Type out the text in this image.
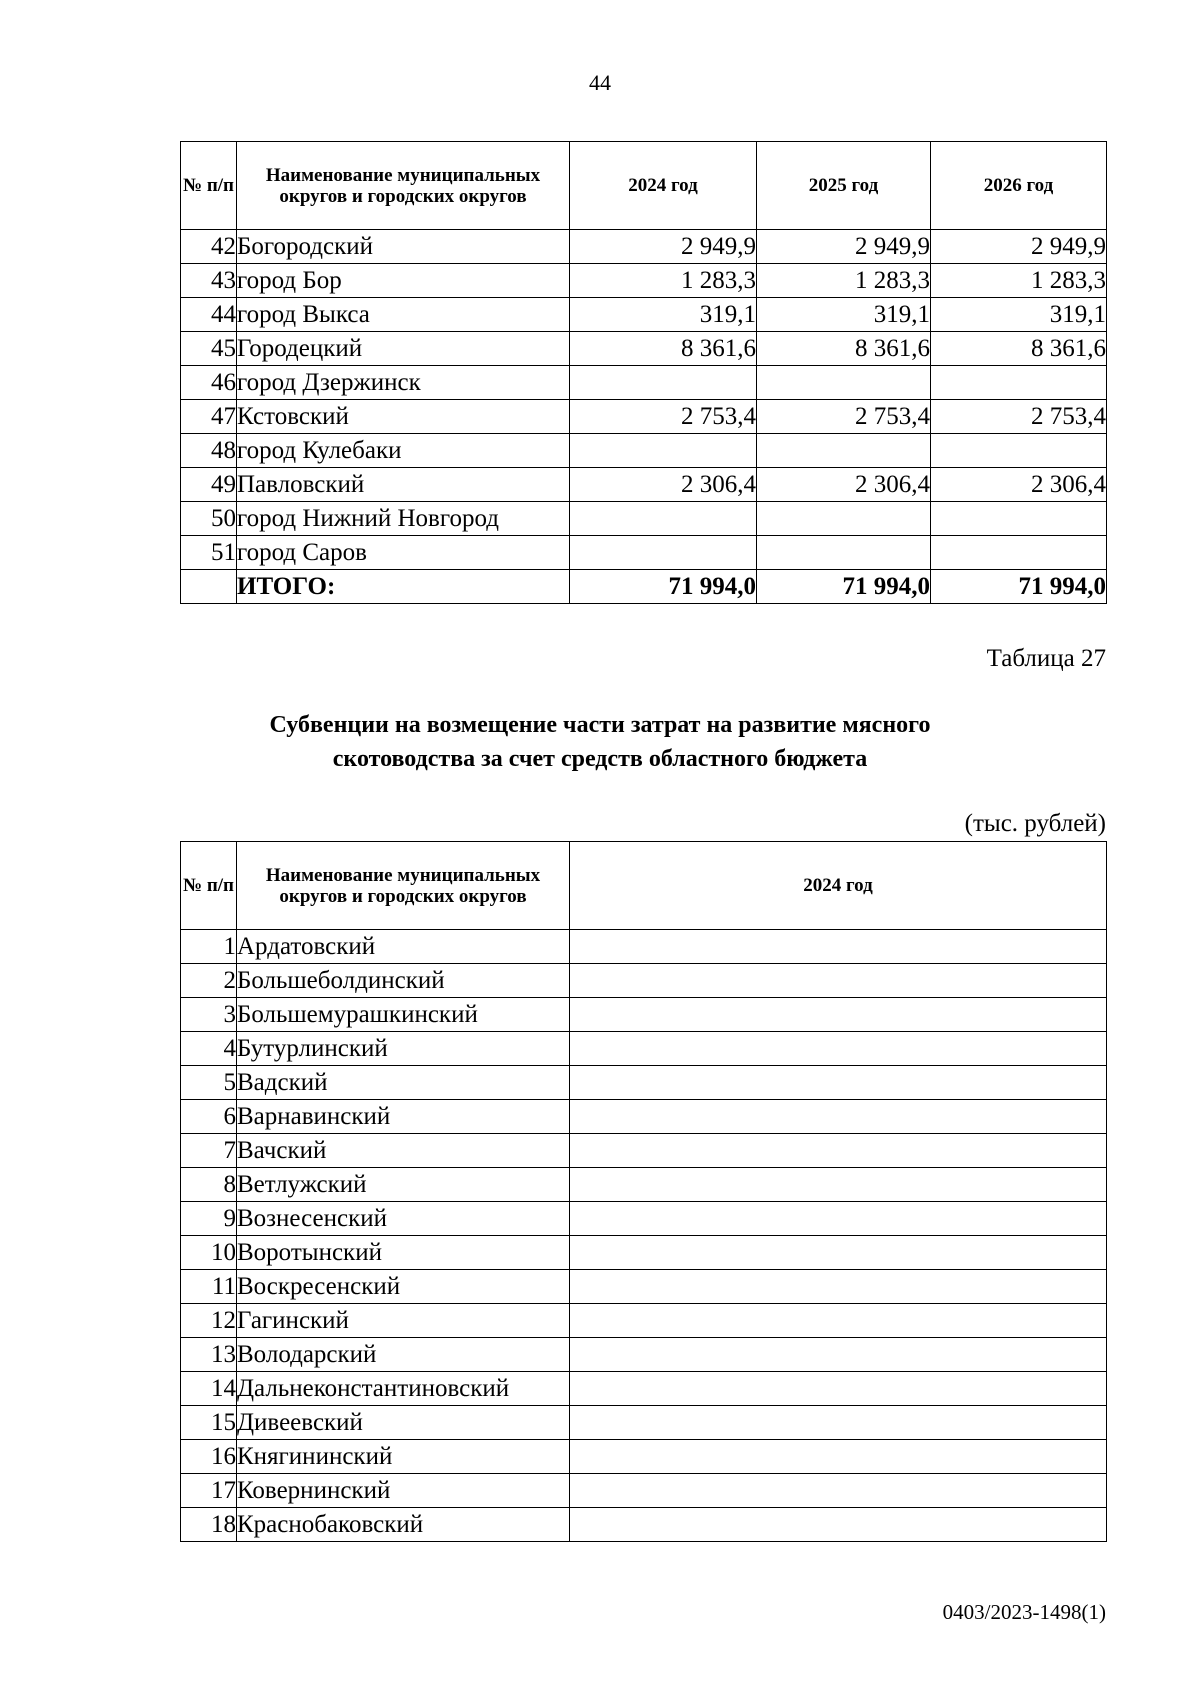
44
№ п/п	Наименование муниципальных округов и городских округов	2024 год	2025 год	2026 год
42	Богородский	2 949,9	2 949,9	2 949,9
43	город Бор	1 283,3	1 283,3	1 283,3
44	город Выкса	319,1	319,1	319,1
45	Городецкий	8 361,6	8 361,6	8 361,6
46	город Дзержинск			
47	Кстовский	2 753,4	2 753,4	2 753,4
48	город Кулебаки			
49	Павловский	2 306,4	2 306,4	2 306,4
50	город Нижний Новгород			
51	город Саров			
	ИТОГО:	71 994,0	71 994,0	71 994,0
Таблица 27
Субвенции на возмещение части затрат на развитие мясного
скотоводства за счет средств областного бюджета
(тыс. рублей)
№ п/п	Наименование муниципальных округов и городских округов	2024 год
1	Ардатовский	
2	Большеболдинский	
3	Большемурашкинский	
4	Бутурлинский	
5	Вадский	
6	Варнавинский	
7	Вачский	
8	Ветлужский	
9	Вознесенский	
10	Воротынский	
11	Воскресенский	
12	Гагинский	
13	Володарский	
14	Дальнеконстантиновский	
15	Дивеевский	
16	Княгининский	
17	Ковернинский	
18	Краснобаковский	
0403/2023-1498(1)
